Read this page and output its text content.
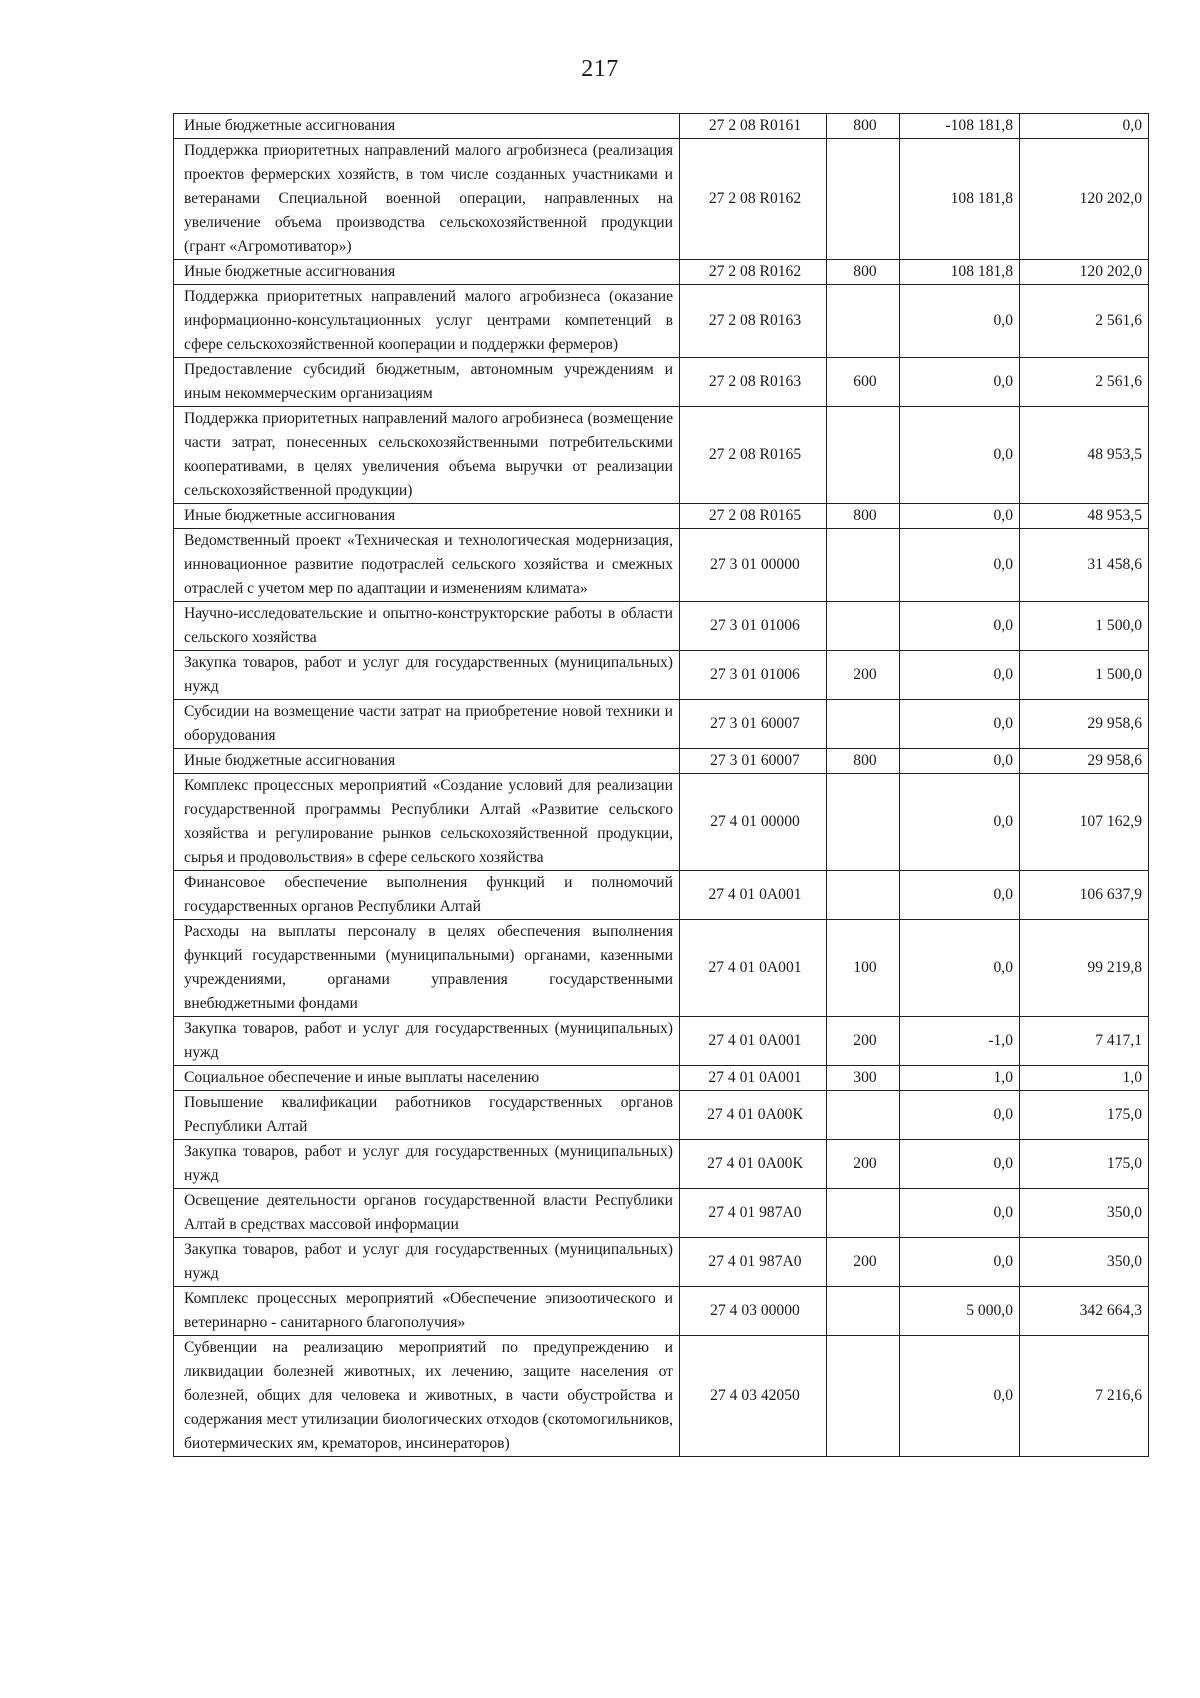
217
Иные бюджетные ассигнования	27 2 08 R0161	800	-108 181,8	0,0
Поддержка приоритетных направлений малого агробизнеса (реализация проектов фермерских хозяйств, в том числе созданных участниками и ветеранами Специальной военной операции, направленных на увеличение объема производства сельскохозяйственной продукции (грант «Агромотиватор»)	27 2 08 R0162		108 181,8	120 202,0
Иные бюджетные ассигнования	27 2 08 R0162	800	108 181,8	120 202,0
Поддержка приоритетных направлений малого агробизнеса (оказание информационно-консультационных услуг центрами компетенций в сфере сельскохозяйственной кооперации и поддержки фермеров)	27 2 08 R0163		0,0	2 561,6
Предоставление субсидий бюджетным, автономным учреждениям и иным некоммерческим организациям	27 2 08 R0163	600	0,0	2 561,6
Поддержка приоритетных направлений малого агробизнеса (возмещение части затрат, понесенных сельскохозяйственными потребительскими кооперативами, в целях увеличения объема выручки от реализации сельскохозяйственной продукции)	27 2 08 R0165		0,0	48 953,5
Иные бюджетные ассигнования	27 2 08 R0165	800	0,0	48 953,5
Ведомственный проект «Техническая и технологическая модернизация, инновационное развитие подотраслей сельского хозяйства и смежных отраслей с учетом мер по адаптации и изменениям климата»	27 3 01 00000		0,0	31 458,6
Научно-исследовательские и опытно-конструкторские работы в области сельского хозяйства	27 3 01 01006		0,0	1 500,0
Закупка товаров, работ и услуг для государственных (муниципальных) нужд	27 3 01 01006	200	0,0	1 500,0
Субсидии на возмещение части затрат на приобретение новой техники и оборудования	27 3 01 60007		0,0	29 958,6
Иные бюджетные ассигнования	27 3 01 60007	800	0,0	29 958,6
Комплекс процессных мероприятий «Создание условий для реализации государственной программы Республики Алтай «Развитие сельского хозяйства и регулирование рынков сельскохозяйственной продукции, сырья и продовольствия» в сфере сельского хозяйства	27 4 01 00000		0,0	107 162,9
Финансовое обеспечение выполнения функций и полномочий государственных органов Республики Алтай	27 4 01 0А001		0,0	106 637,9
Расходы на выплаты персоналу в целях обеспечения выполнения функций государственными (муниципальными) органами, казенными учреждениями, органами управления государственными внебюджетными фондами	27 4 01 0А001	100	0,0	99 219,8
Закупка товаров, работ и услуг для государственных (муниципальных) нужд	27 4 01 0А001	200	-1,0	7 417,1
Социальное обеспечение и иные выплаты населению	27 4 01 0А001	300	1,0	1,0
Повышение квалификации работников государственных органов Республики Алтай	27 4 01 0А00К		0,0	175,0
Закупка товаров, работ и услуг для государственных (муниципальных) нужд	27 4 01 0А00К	200	0,0	175,0
Освещение деятельности органов государственной власти Республики Алтай в средствах массовой информации	27 4 01 987А0		0,0	350,0
Закупка товаров, работ и услуг для государственных (муниципальных) нужд	27 4 01 987А0	200	0,0	350,0
Комплекс процессных мероприятий «Обеспечение эпизоотического и ветеринарно - санитарного благополучия»	27 4 03 00000		5 000,0	342 664,3
Субвенции на реализацию мероприятий по предупреждению и ликвидации болезней животных, их лечению, защите населения от болезней, общих для человека и животных, в части обустройства и содержания мест утилизации биологических отходов (скотомогильников, биотермических ям, крематоров, инсинераторов)	27 4 03 42050		0,0	7 216,6
